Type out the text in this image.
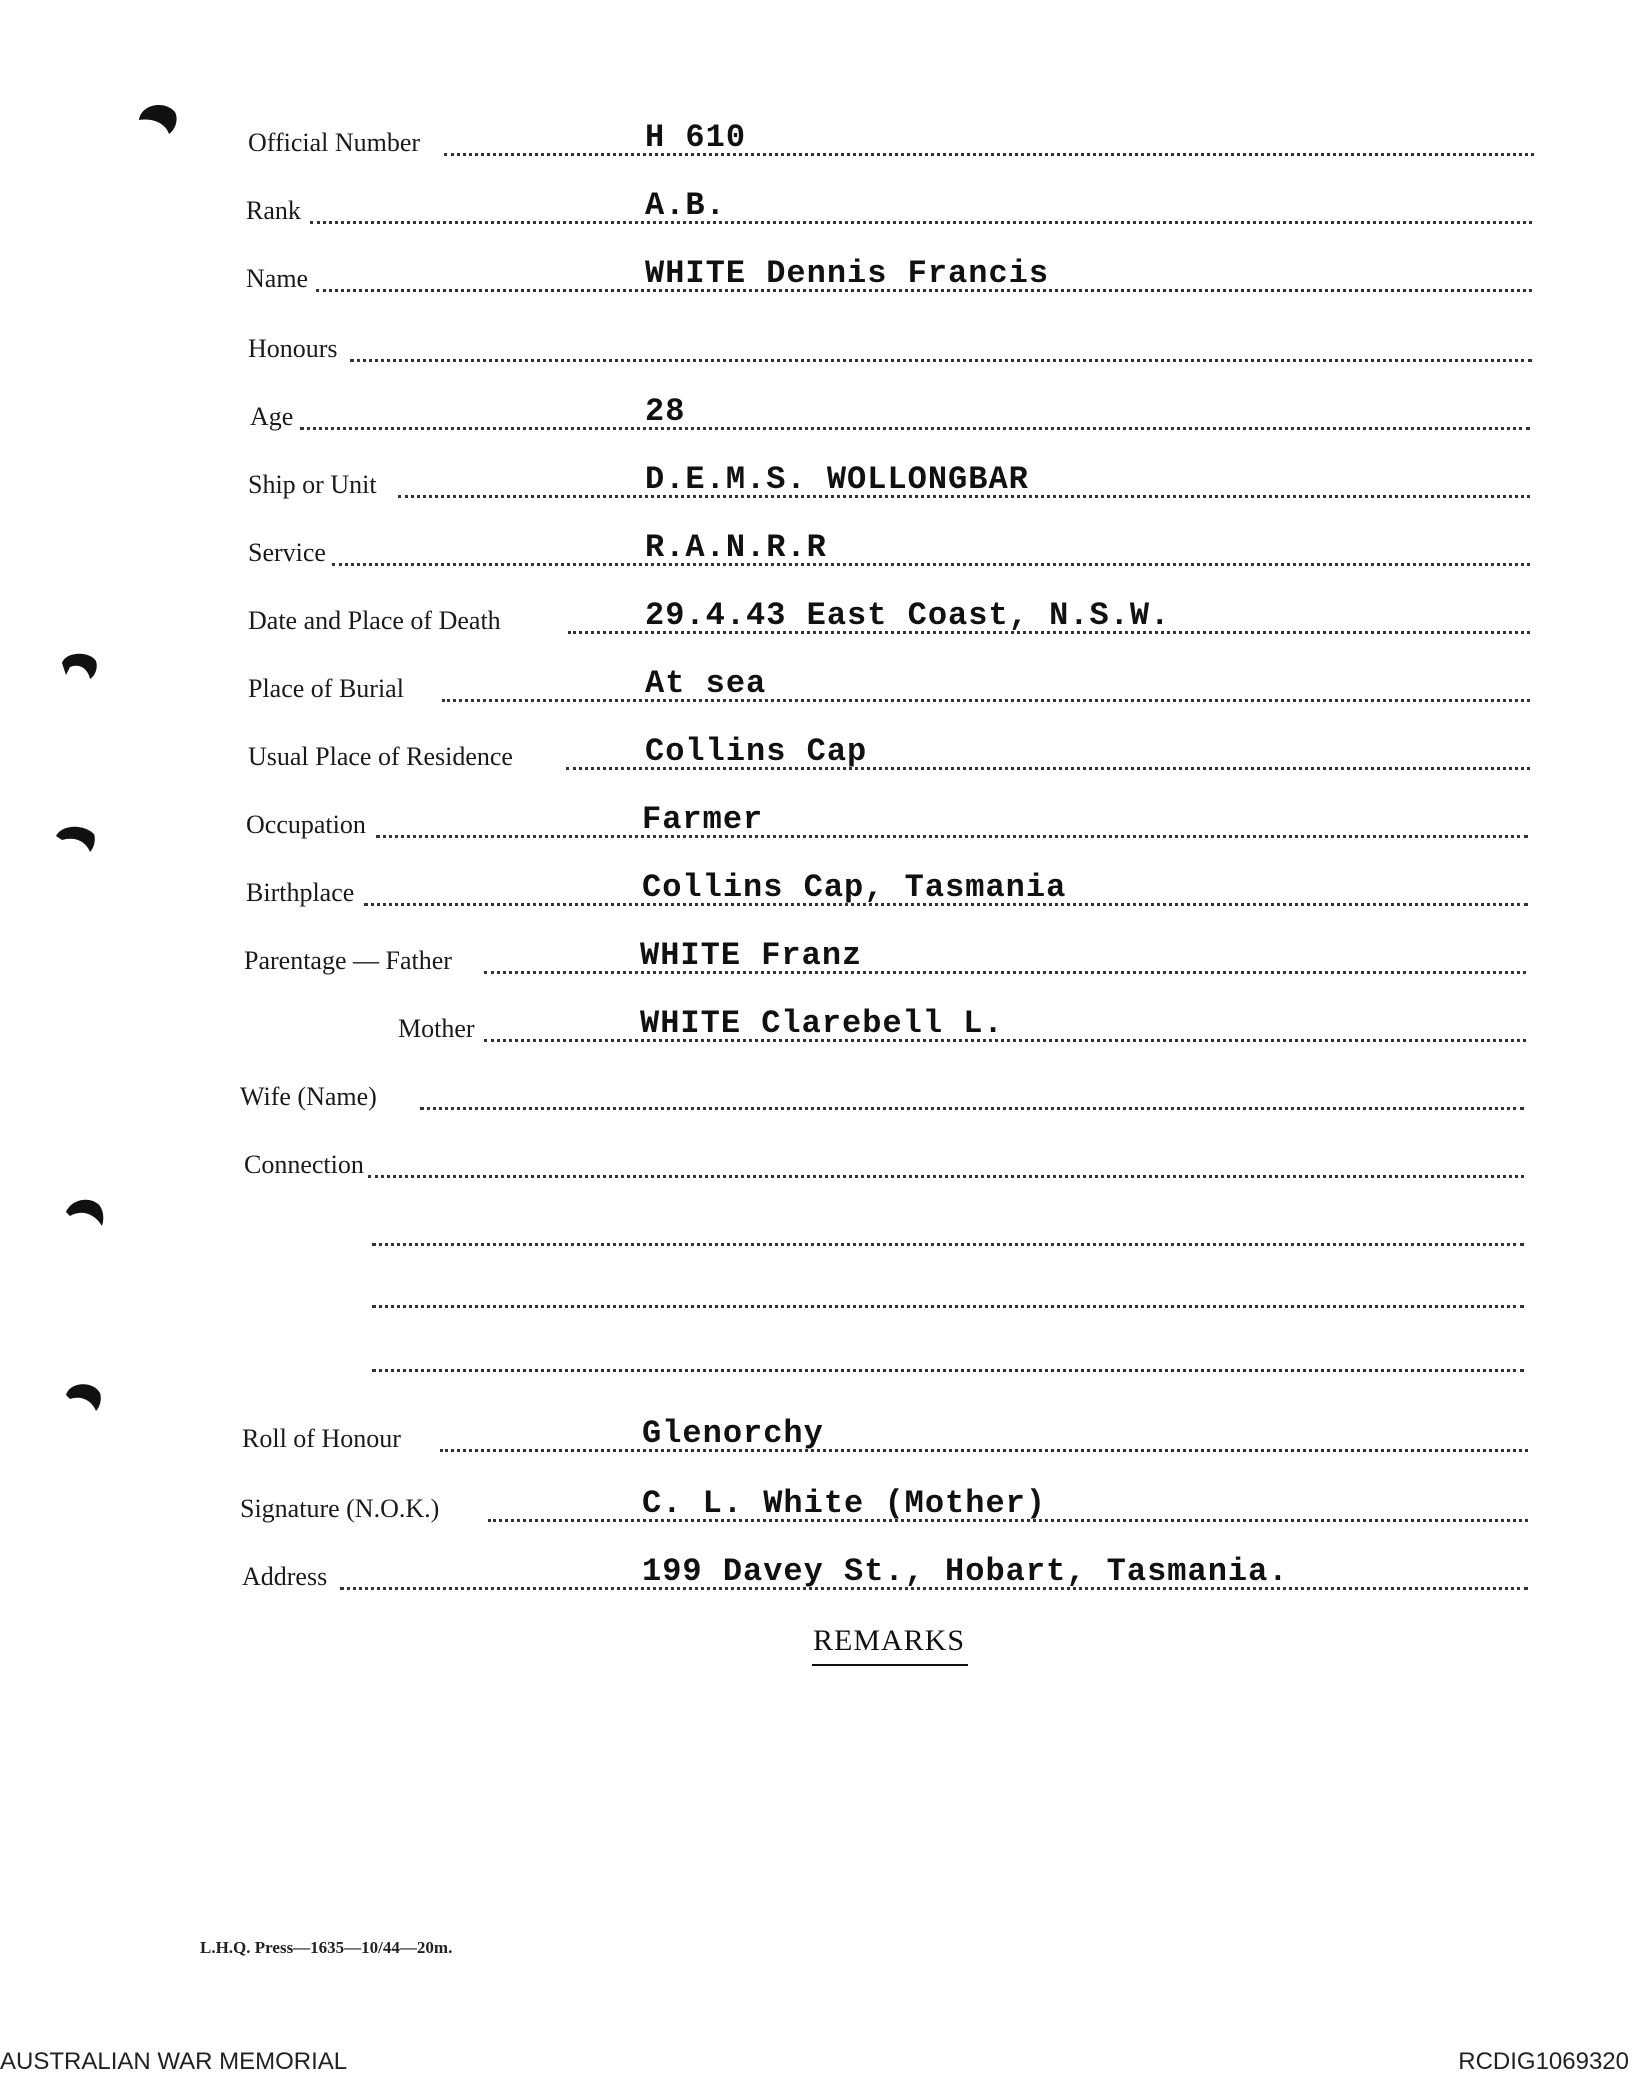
Official Number	H 610
Rank	A.B.
Name	WHITE Dennis Francis
Honours
Age	28
Ship or Unit	D.E.M.S. WOLLONGBAR
Service	R.A.N.R.R
Date and Place of Death	29.4.43 East Coast, N.S.W.
Place of Burial	At sea
Usual Place of Residence	Collins Cap
Occupation	Farmer
Birthplace	Collins Cap, Tasmania
Parentage — Father	WHITE Franz
Mother	WHITE Clarebell L.
Wife (Name)
Connection
Roll of Honour	Glenorchy
Signature (N.O.K.)	C. L. White (Mother)
Address	199 Davey St., Hobart, Tasmania.
REMARKS
L.H.Q. Press—1635—10/44—20m.
AUSTRALIAN WAR MEMORIAL	RCDIG1069320
